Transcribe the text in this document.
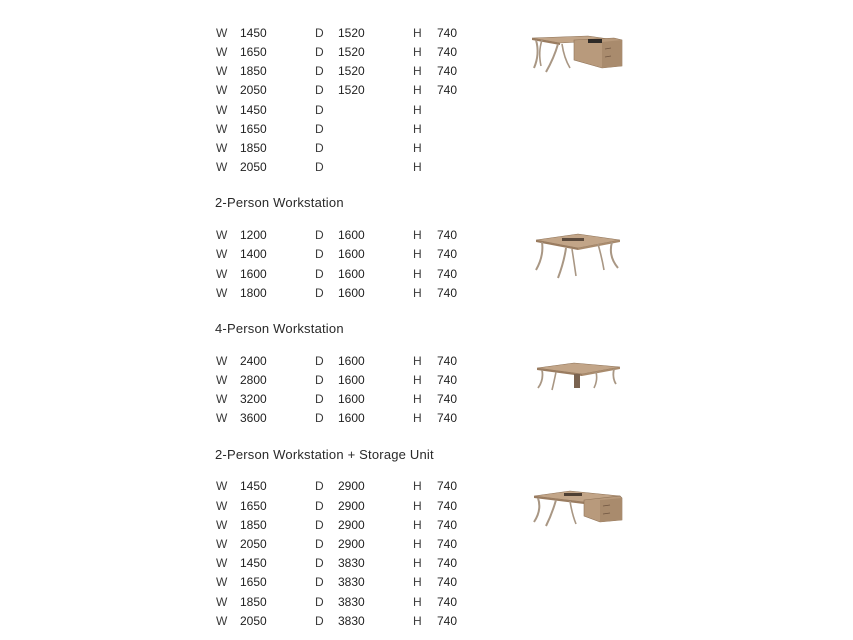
W 1450	D 1520	H 740
W 1650	D 1520	H 740
W 1850	D 1520	H 740
W 2050	D 1520	H 740
W 1450	D	H
W 1650	D	H
W 1850	D	H
W 2050	D	H
2-Person Workstation
W 1200	D 1600	H 740
W 1400	D 1600	H 740
W 1600	D 1600	H 740
W 1800	D 1600	H 740
4-Person Workstation
W 2400	D 1600	H 740
W 2800	D 1600	H 740
W 3200	D 1600	H 740
W 3600	D 1600	H 740
2-Person Workstation + Storage Unit
W 1450	D 2900	H 740
W 1650	D 2900	H 740
W 1850	D 2900	H 740
W 2050	D 2900	H 740
W 1450	D 3830	H 740
W 1650	D 3830	H 740
W 1850	D 3830	H 740
W 2050	D 3830	H 740
